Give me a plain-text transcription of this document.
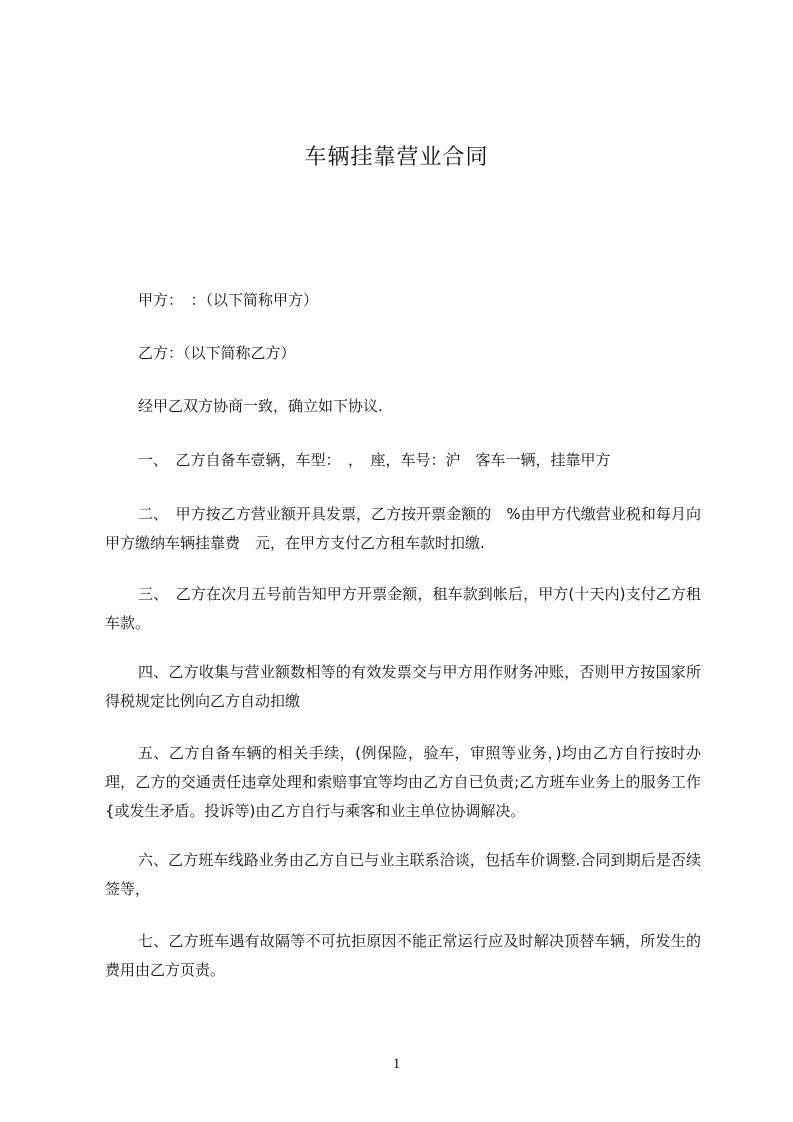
车辆挂靠营业合同

甲方：　：（以下简称甲方）

乙方：（以下简称乙方）

经甲乙双方协商一致，确立如下协议.

一、　乙方自备车壹辆，车型：　，　座，车号：沪　客车一辆，挂靠甲方

二、　甲方按乙方营业额开具发票，乙方按开票金额的　%由甲方代缴营业税和每月向甲方缴纳车辆挂靠费　元，在甲方支付乙方租车款时扣缴.

三、　乙方在次月五号前告知甲方开票金额，租车款到帐后，甲方(十天内)支付乙方租车款。

四、乙方收集与营业额数相等的有效发票交与甲方用作财务冲账，否则甲方按国家所得税规定比例向乙方自动扣缴

五、乙方自备车辆的相关手续，(例保险，验车，审照等业务，)均由乙方自行按时办理，乙方的交通责任违章处理和索赔事宜等均由乙方自已负责;乙方班车业务上的服务工作{或发生矛盾。投诉等)由乙方自行与乘客和业主单位协调解决。

六、乙方班车线路业务由乙方自已与业主联系洽谈，包括车价调整.合同到期后是否续签等，

七、乙方班车遇有故隔等不可抗拒原因不能正常运行应及时解决顶替车辆，所发生的费用由乙方页责。

1
